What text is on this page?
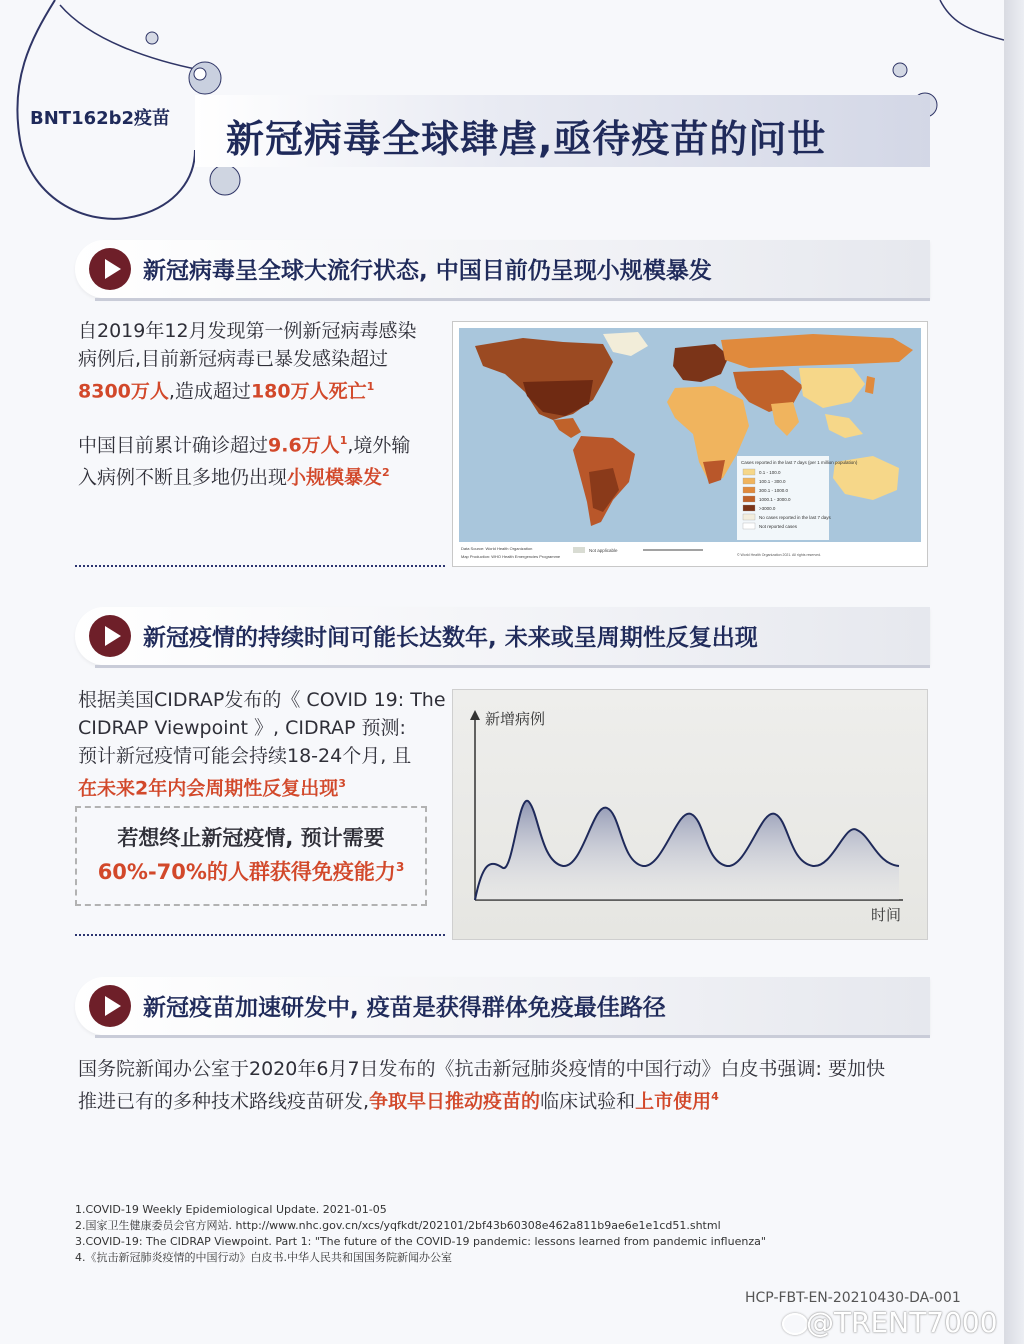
BNT162b2疫苗 新冠病毒全球肆虐,亟待疫苗的问世
新冠病毒呈全球大流行状态, 中国目前仍呈现小规模暴发
自2019年12月发现第一例新冠病毒感染
病例后,目前新冠病毒已暴发感染超过
8300万人,造成超过180万人死亡$^1$
中国目前累计确诊超过9.6万人$^1$,境外输
入病例不断且多地仍出现小规模暴发$^2$
Cases reported in the last 7 days (per 1 million population)
0.1 - 100.0
100.1 - 300.0
300.1 - 1000.0
1000.1 - 3000.0
>3000.0
No cases reported in the last 7 days
Not reported cases
Data Source: World Health Organization
Map Production: WHO Health Emergencies Programme
Not applicable
© World Health Organization 2021. All rights reserved.
新冠疫情的持续时间可能长达数年, 未来或呈周期性反复出现
根据美国CIDRAP发布的《 COVID 19: The
CIDRAP Viewpoint 》, CIDRAP 预测:
预计新冠疫情可能会持续18-24个月, 且
在未来2年内会周期性反复出现$^3$
若想终止新冠疫情, 预计需要
60%-70%的人群获得免疫能力$^3$
新增病例
时间
新冠疫苗加速研发中, 疫苗是获得群体免疫最佳路径
国务院新闻办公室于2020年6月7日发布的《抗击新冠肺炎疫情的中国行动》白皮书强调: 要加快
推进已有的多种技术路线疫苗研发,争取早日推动疫苗的临床试验和上市使用$^4$
1.COVID-19 Weekly Epidemiological Update. 2021-01-05
2.国家卫生健康委员会官方网站. http://www.nhc.gov.cn/xcs/yqfkdt/202101/2bf43b60308e462a811b9ae6e1e1cd51.shtml
3.COVID-19: The CIDRAP Viewpoint. Part 1: "The future of the COVID-19 pandemic: lessons learned from pandemic influenza"
4.《抗击新冠肺炎疫情的中国行动》白皮书.中华人民共和国国务院新闻办公室
HCP-FBT-EN-20210430-DA-001
@TRENT7000
